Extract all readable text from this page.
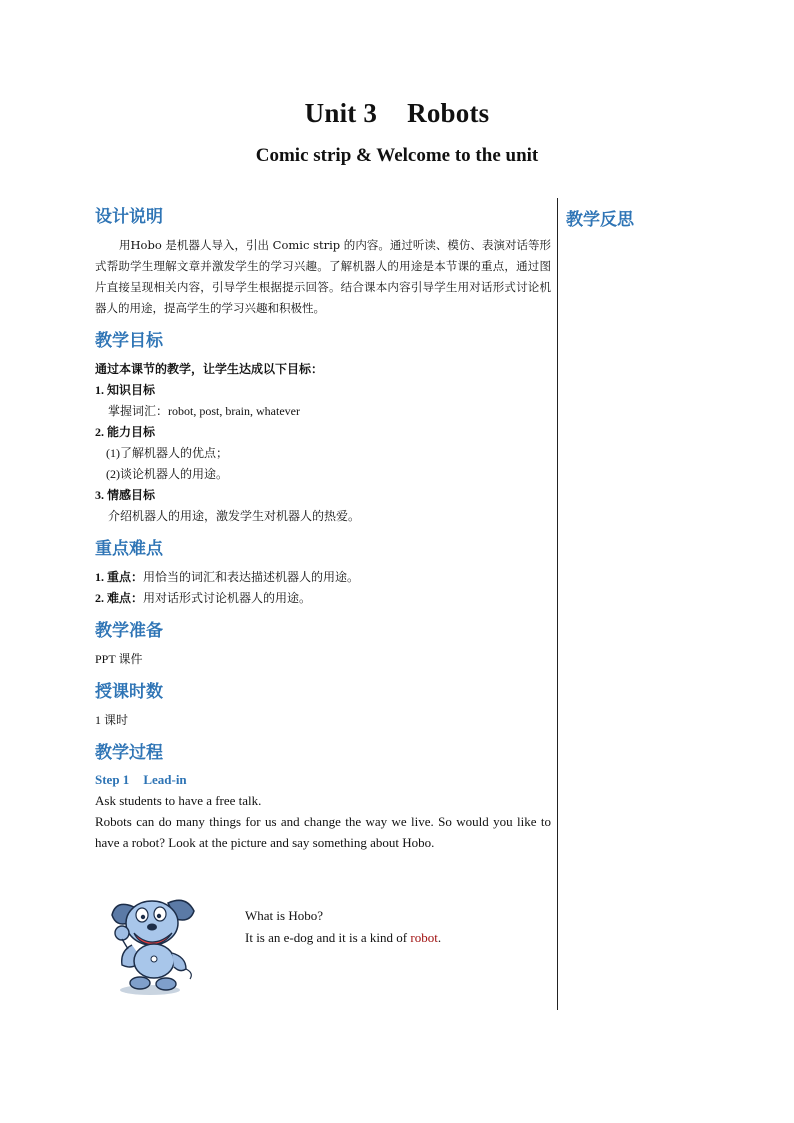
Unit 3 Robots
Comic strip & Welcome to the unit
教学反思

设计说明

用Hobo 是机器人导入，引出 Comic strip 的内容。通过听读、模仿、表演对话等形式帮助学生理解文章并激发学生的学习兴趣。了解机器人的用途是本节课的重点，通过图片直接呈现相关内容，引导学生根据提示回答。结合课本内容引导学生用对话形式讨论机器人的用途，提高学生的学习兴趣和积极性。

教学目标

通过本课节的教学，让学生达成以下目标：

1. 知识目标

掌握词汇：robot, post, brain, whatever

2. 能力目标

(1)了解机器人的优点；

(2)谈论机器人的用途。

3. 情感目标

介绍机器人的用途，激发学生对机器人的热爱。

重点难点

1. 重点：用恰当的词汇和表达描述机器人的用途。

2. 难点：用对话形式讨论机器人的用途。

教学准备

PPT 课件

授课时数

1 课时

教学过程

Step 1 Lead-in

Ask students to have a free talk.

Robots can do many things for us and change the way we live. So would you like to have a robot? Look at the picture and say something about Hobo.

What is Hobo?

It is an e-dog and it is a kind of robot.
